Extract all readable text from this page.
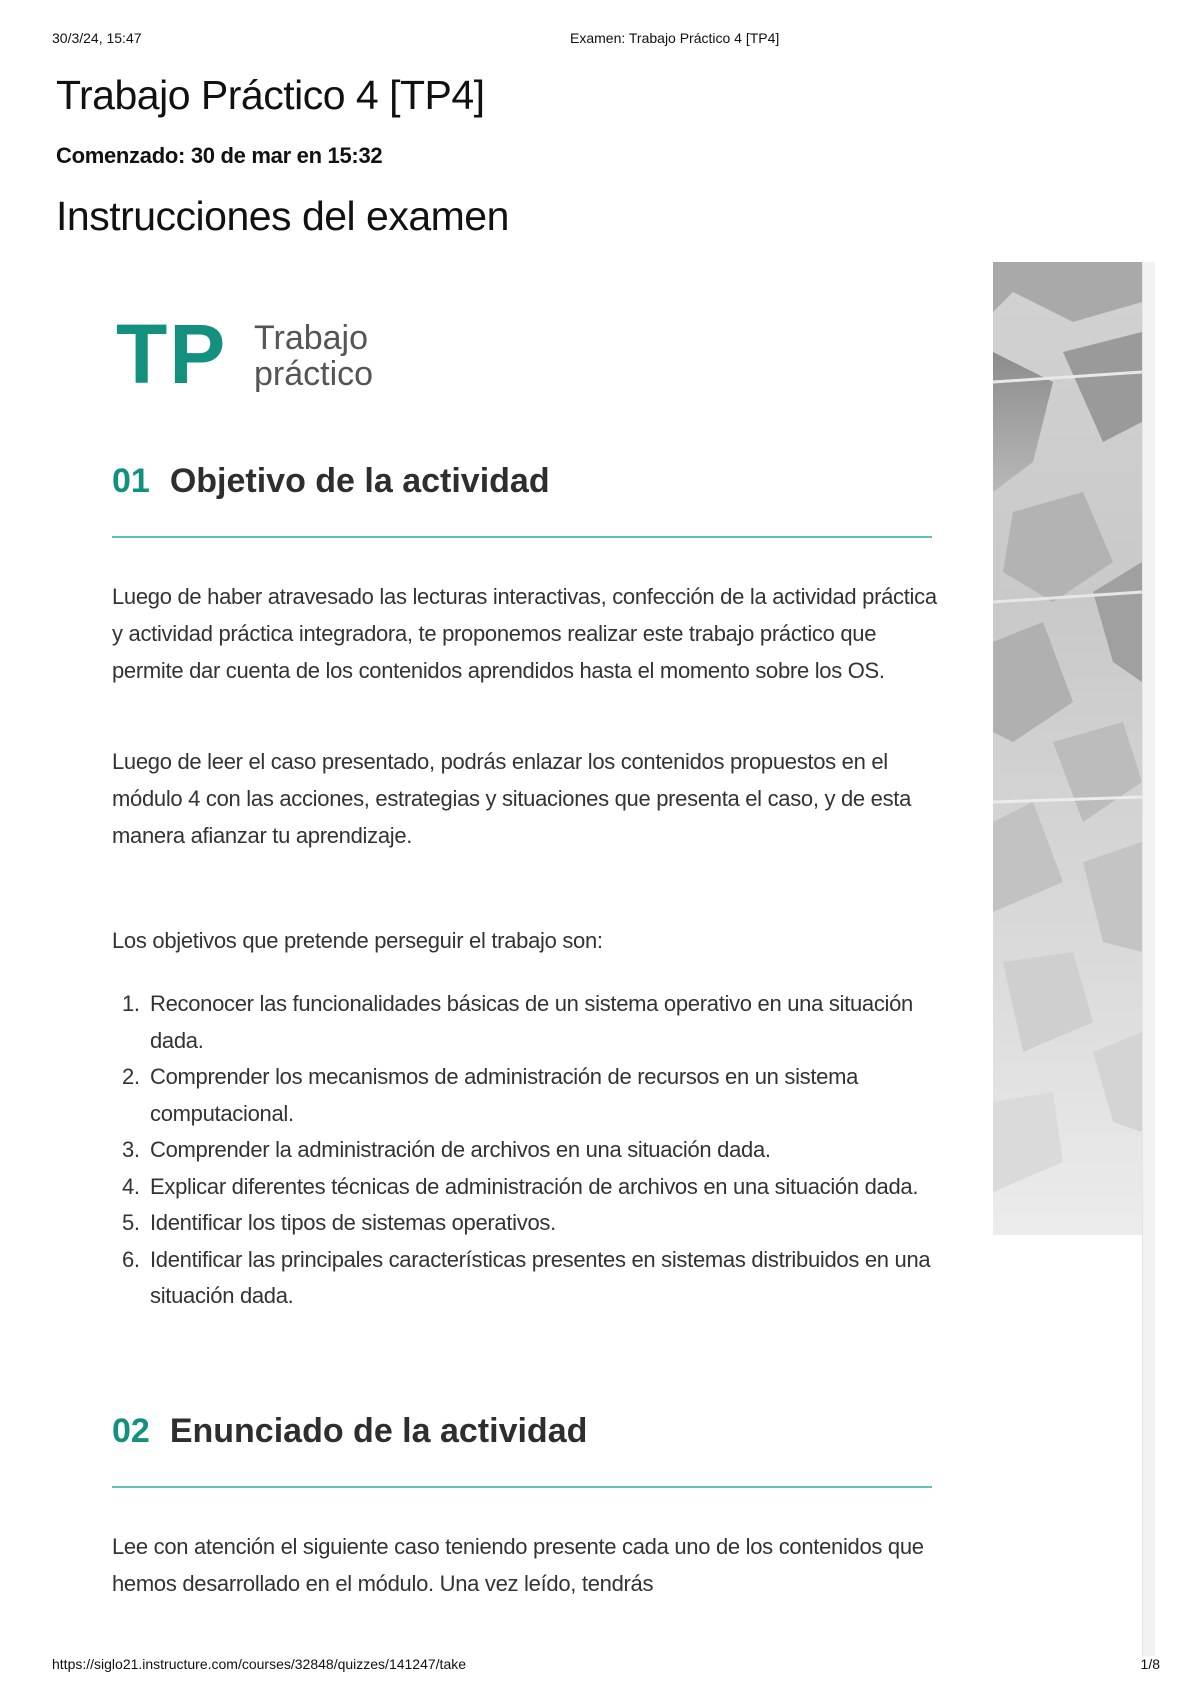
30/3/24, 15:47	Examen: Trabajo Práctico 4 [TP4]
Trabajo Práctico 4 [TP4]
Comenzado: 30 de mar en 15:32
Instrucciones del examen
TP Trabajo
práctico
01 Objetivo de la actividad

Luego de haber atravesado las lecturas interactivas, confección de la actividad práctica y actividad práctica integradora, te proponemos realizar este trabajo práctico que permite dar cuenta de los contenidos aprendidos hasta el momento sobre los OS.

Luego de leer el caso presentado, podrás enlazar los contenidos propuestos en el módulo 4 con las acciones, estrategias y situaciones que presenta el caso, y de esta manera afianzar tu aprendizaje.

Los objetivos que pretende perseguir el trabajo son:

1. Reconocer las funcionalidades básicas de un sistema operativo en una situación dada.
2. Comprender los mecanismos de administración de recursos en un sistema computacional.
3. Comprender la administración de archivos en una situación dada.
4. Explicar diferentes técnicas de administración de archivos en una situación dada.
5. Identificar los tipos de sistemas operativos.
6. Identificar las principales características presentes en sistemas distribuidos en una situación dada.
02 Enunciado de la actividad

Lee con atención el siguiente caso teniendo presente cada uno de los contenidos que hemos desarrollado en el módulo. Una vez leído, tendrás

https://siglo21.instructure.com/courses/32848/quizzes/141247/take	1/8
